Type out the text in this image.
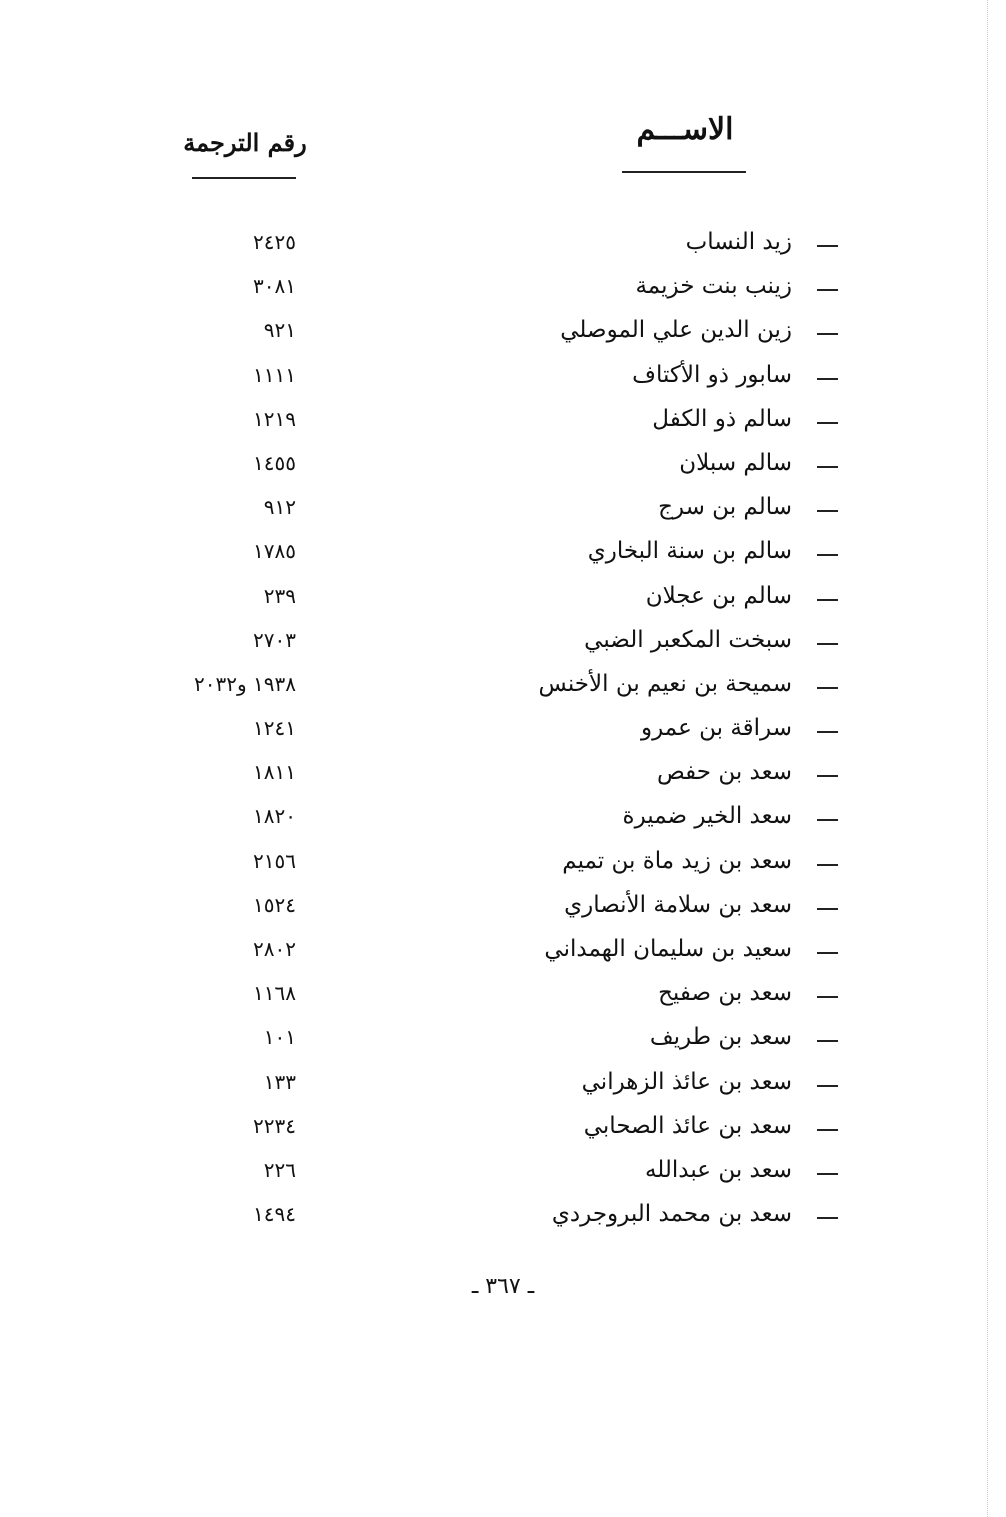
الاســـم
رقم الترجمة
زيد النساب
٢٤٢٥
زينب بنت خزيمة
٣٠٨١
زين الدين علي الموصلي
٩٢١
سابور ذو الأكتاف
١١١١
سالم ذو الكفل
١٢١٩
سالم سبلان
١٤٥٥
سالم بن سرج
٩١٢
سالم بن سنة البخاري
١٧٨٥
سالم بن عجلان
٢٣٩
سبخت المكعبر الضبي
٢٧٠٣
سميحة بن نعيم بن الأخنس
١٩٣٨ و٢٠٣٢
سراقة بن عمرو
١٢٤١
سعد بن حفص
١٨١١
سعد الخير ضميرة
١٨٢٠
سعد بن زيد ماة بن تميم
٢١٥٦
سعد بن سلامة الأنصاري
١٥٢٤
سعيد بن سليمان الهمداني
٢٨٠٢
سعد بن صفيح
١١٦٨
سعد بن طريف
١٠١
سعد بن عائذ الزهراني
١٣٣
سعد بن عائذ الصحابي
٢٢٣٤
سعد بن عبدالله
٢٢٦
سعد بن محمد البروجردي
١٤٩٤
ـ ٣٦٧ ـ
